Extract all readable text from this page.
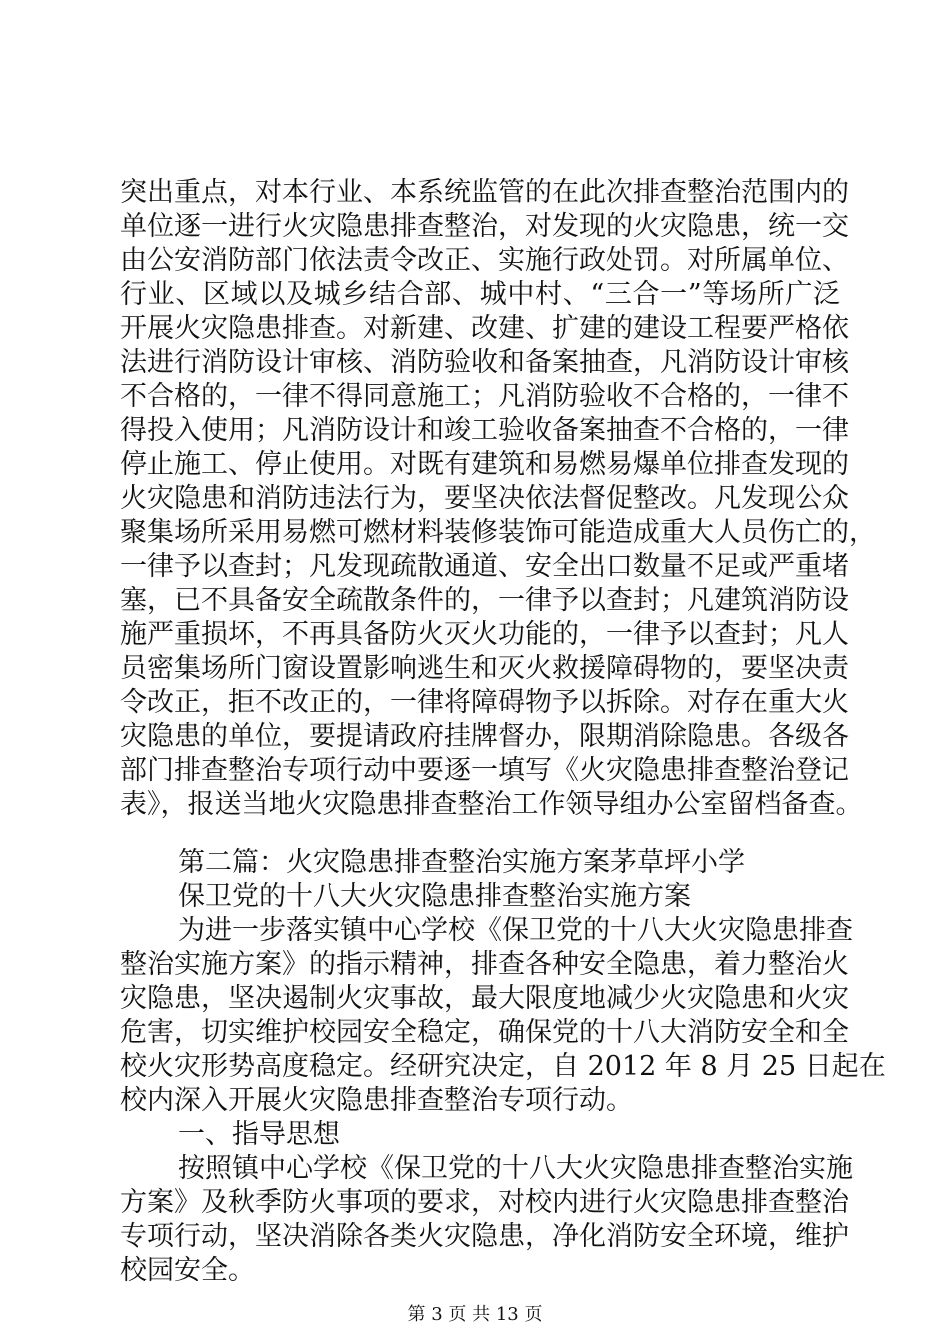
突出重点，对本行业、本系统监管的在此次排查整治范围内的
单位逐一进行火灾隐患排查整治，对发现的火灾隐患，统一交
由公安消防部门依法责令改正、实施行政处罚。对所属单位、
行业、区域以及城乡结合部、城中村、“三合一”等场所广泛
开展火灾隐患排查。对新建、改建、扩建的建设工程要严格依
法进行消防设计审核、消防验收和备案抽查，凡消防设计审核
不合格的，一律不得同意施工；凡消防验收不合格的，一律不
得投入使用；凡消防设计和竣工验收备案抽查不合格的，一律
停止施工、停止使用。对既有建筑和易燃易爆单位排查发现的
火灾隐患和消防违法行为，要坚决依法督促整改。凡发现公众
聚集场所采用易燃可燃材料装修装饰可能造成重大人员伤亡的，
一律予以查封；凡发现疏散通道、安全出口数量不足或严重堵
塞，已不具备安全疏散条件的，一律予以查封；凡建筑消防设
施严重损坏，不再具备防火灭火功能的，一律予以查封；凡人
员密集场所门窗设置影响逃生和灭火救援障碍物的，要坚决责
令改正，拒不改正的，一律将障碍物予以拆除。对存在重大火
灾隐患的单位，要提请政府挂牌督办，限期消除隐患。各级各
部门排查整治专项行动中要逐一填写《火灾隐患排查整治登记
表》，报送当地火灾隐患排查整治工作领导组办公室留档备查。
第二篇：火灾隐患排查整治实施方案茅草坪小学
保卫党的十八大火灾隐患排查整治实施方案
为进一步落实镇中心学校《保卫党的十八大火灾隐患排查
整治实施方案》的指示精神，排查各种安全隐患，着力整治火
灾隐患，坚决遏制火灾事故，最大限度地减少火灾隐患和火灾
危害，切实维护校园安全稳定，确保党的十八大消防安全和全
校火灾形势高度稳定。经研究决定，自 2012 年 8 月 25 日起在
校内深入开展火灾隐患排查整治专项行动。
一、指导思想
按照镇中心学校《保卫党的十八大火灾隐患排查整治实施
方案》及秋季防火事项的要求，对校内进行火灾隐患排查整治
专项行动，坚决消除各类火灾隐患，净化消防安全环境，维护
校园安全。
第 3 页 共 13 页
